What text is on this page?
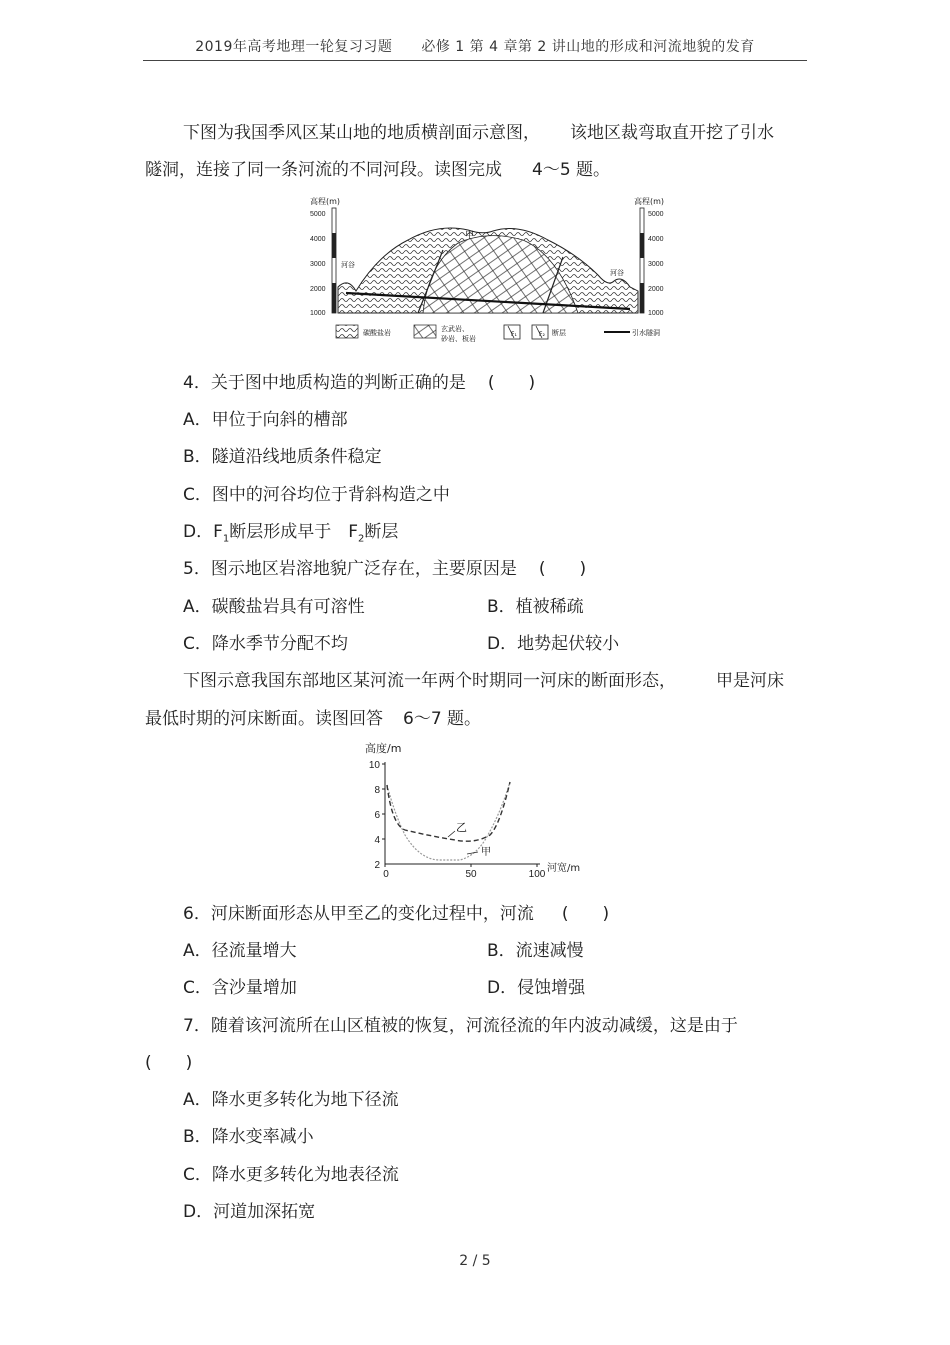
2019年高考地理一轮复习习题　　必修 1 第 4 章第 2 讲山地的形成和河流地貌的发育
下图为我国季风区某山地的地质横剖面示意图， 该地区裁弯取直开挖了引水
隧洞，连接了同一条河流的不同河段。读图完成 4～5 题。
高程(m)
5000
4000
3000
2000
1000
高程(m)
5000
4000
3000
2000
1000
甲
河谷
河谷
碳酸盐岩	玄武岩、
砂岩、板岩
F₁	F₂ 断层	引水隧洞
4．关于图中地质构造的判断正确的是 (　　)
A．甲位于向斜的槽部
B．隧道沿线地质条件稳定
C．图中的河谷均位于背斜构造之中
D．$F_1$断层形成早于　$F_2$断层
5．图示地区岩溶地貌广泛存在，主要原因是 (　　)
A．碳酸盐岩具有可溶性	B．植被稀疏
C．降水季节分配不均	D．地势起伏较小
下图示意我国东部地区某河流一年两个时期同一河床的断面形态， 甲是河床
最低时期的河床断面。读图回答 6～7 题。
高度/m
10
8
6
4
2
0	50	100
河宽/m
乙
甲
6．河床断面形态从甲至乙的变化过程中，河流 (　　)
A．径流量增大	B．流速减慢
C．含沙量增加	D．侵蚀增强
7．随着该河流所在山区植被的恢复，河流径流的年内波动减缓，这是由于
(　　)
A．降水更多转化为地下径流
B．降水变率减小
C．降水更多转化为地表径流
D．河道加深拓宽
2 / 5
